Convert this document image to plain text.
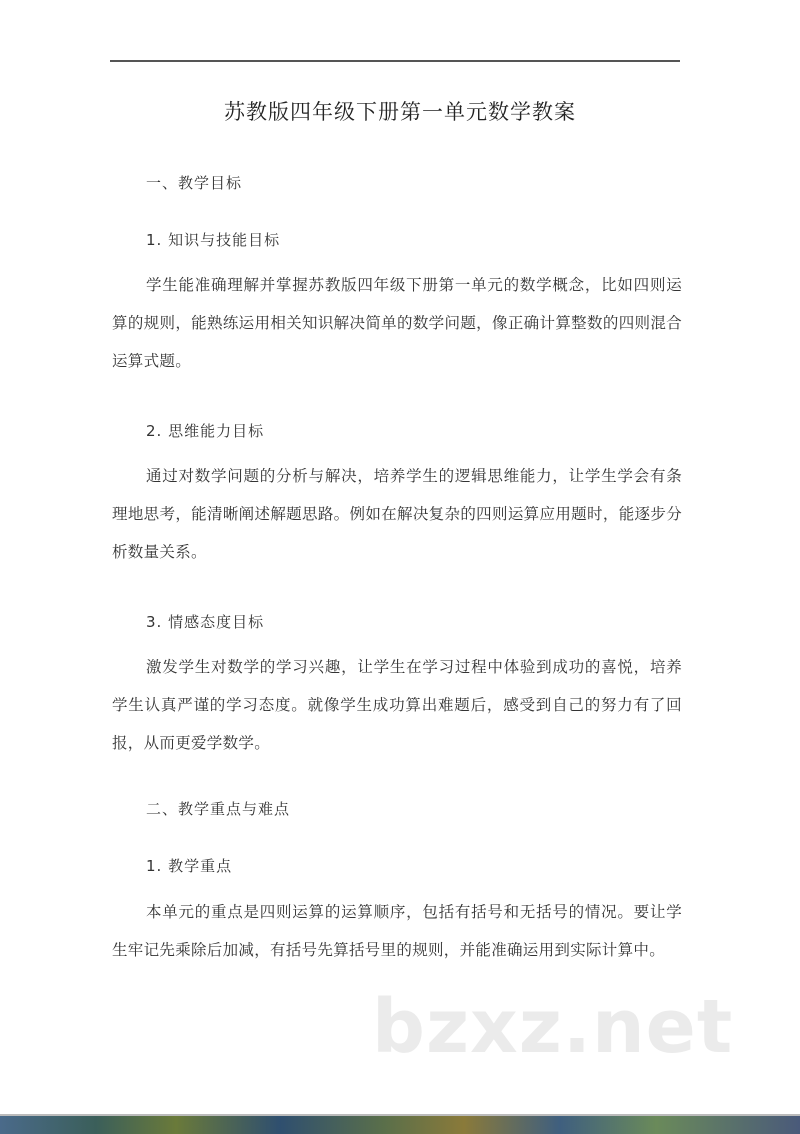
苏教版四年级下册第一单元数学教案
一、教学目标
1. 知识与技能目标
学生能准确理解并掌握苏教版四年级下册第一单元的数学概念，比如四则运算的规则，能熟练运用相关知识解决简单的数学问题，像正确计算整数的四则混合运算式题。
2. 思维能力目标
通过对数学问题的分析与解决，培养学生的逻辑思维能力，让学生学会有条理地思考，能清晰阐述解题思路。例如在解决复杂的四则运算应用题时，能逐步分析数量关系。
3. 情感态度目标
激发学生对数学的学习兴趣，让学生在学习过程中体验到成功的喜悦，培养学生认真严谨的学习态度。就像学生成功算出难题后，感受到自己的努力有了回报，从而更爱学数学。
二、教学重点与难点
1. 教学重点
本单元的重点是四则运算的运算顺序，包括有括号和无括号的情况。要让学生牢记先乘除后加减，有括号先算括号里的规则，并能准确运用到实际计算中。
bzxz.net
